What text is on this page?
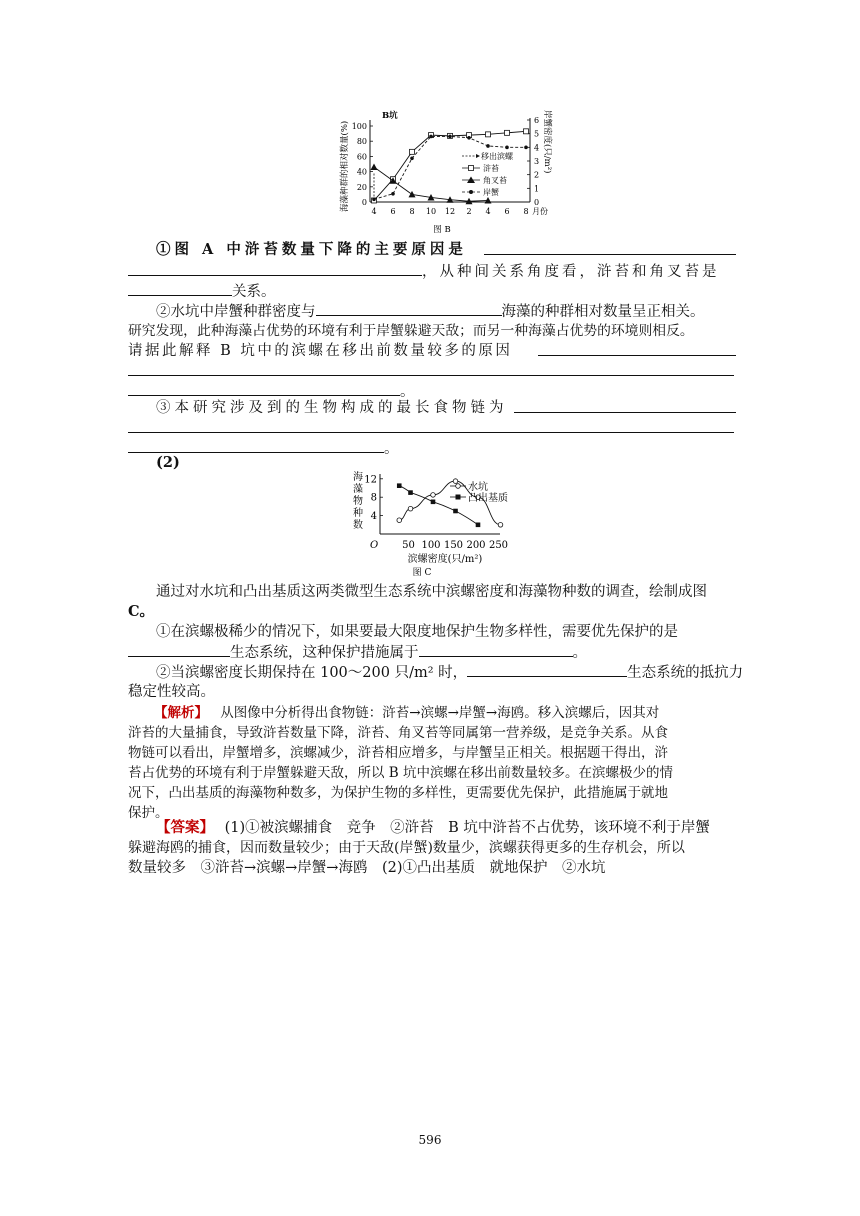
海藻种群的相对数量(%)	岸蟹密度(只/m²)
B坑
0
20
40
60
80
100
0
1
2
3
4
5
6
4 6 8 10 12 2 4 6 8 月份
移出滨螺
浒苔
角叉苔
岸蟹
图 B
①图 A 中浒苔数量下降的主要原因是
，从种间关系角度看，浒苔和角叉苔是
关系。
②水坑中岸蟹种群密度与	海藻的种群相对数量呈正相关。
研究发现，此种海藻占优势的环境有利于岸蟹躲避天敌；而另一种海藻占优势的环境则相反。
请据此解释 B 坑中的滨螺在移出前数量较多的原因
。
③本研究涉及到的生物构成的最长食物链为
。
(2)
海
藻
物
种
数
O
4
8
12
50 100 150 200 250
水坑
凸出基质
滨螺密度(只/m²)
图 C
通过对水坑和凸出基质这两类微型生态系统中滨螺密度和海藻物种数的调查，绘制成图
C。
①在滨螺极稀少的情况下，如果要最大限度地保护生物多样性，需要优先保护的是
生态系统，这种保护措施属于	。
②当滨螺密度长期保持在 100～200 只/m² 时，	生态系统的抵抗力
稳定性较高。
【解析】 从图像中分析得出食物链：浒苔→滨螺→岸蟹→海鸥。移入滨螺后，因其对
浒苔的大量捕食，导致浒苔数量下降，浒苔、角叉苔等同属第一营养级，是竞争关系。从食
物链可以看出，岸蟹增多，滨螺减少，浒苔相应增多，与岸蟹呈正相关。根据题干得出，浒
苔占优势的环境有利于岸蟹躲避天敌，所以 B 坑中滨螺在移出前数量较多。在滨螺极少的情
况下，凸出基质的海藻物种数多，为保护生物的多样性，更需要优先保护，此措施属于就地
保护。
【答案】 (1)①被滨螺捕食　竞争　②浒苔　B 坑中浒苔不占优势，该环境不利于岸蟹
躲避海鸥的捕食，因而数量较少；由于天敌(岸蟹)数量少，滨螺获得更多的生存机会，所以
数量较多　③浒苔→滨螺→岸蟹→海鸥　(2)①凸出基质　就地保护　②水坑
596
